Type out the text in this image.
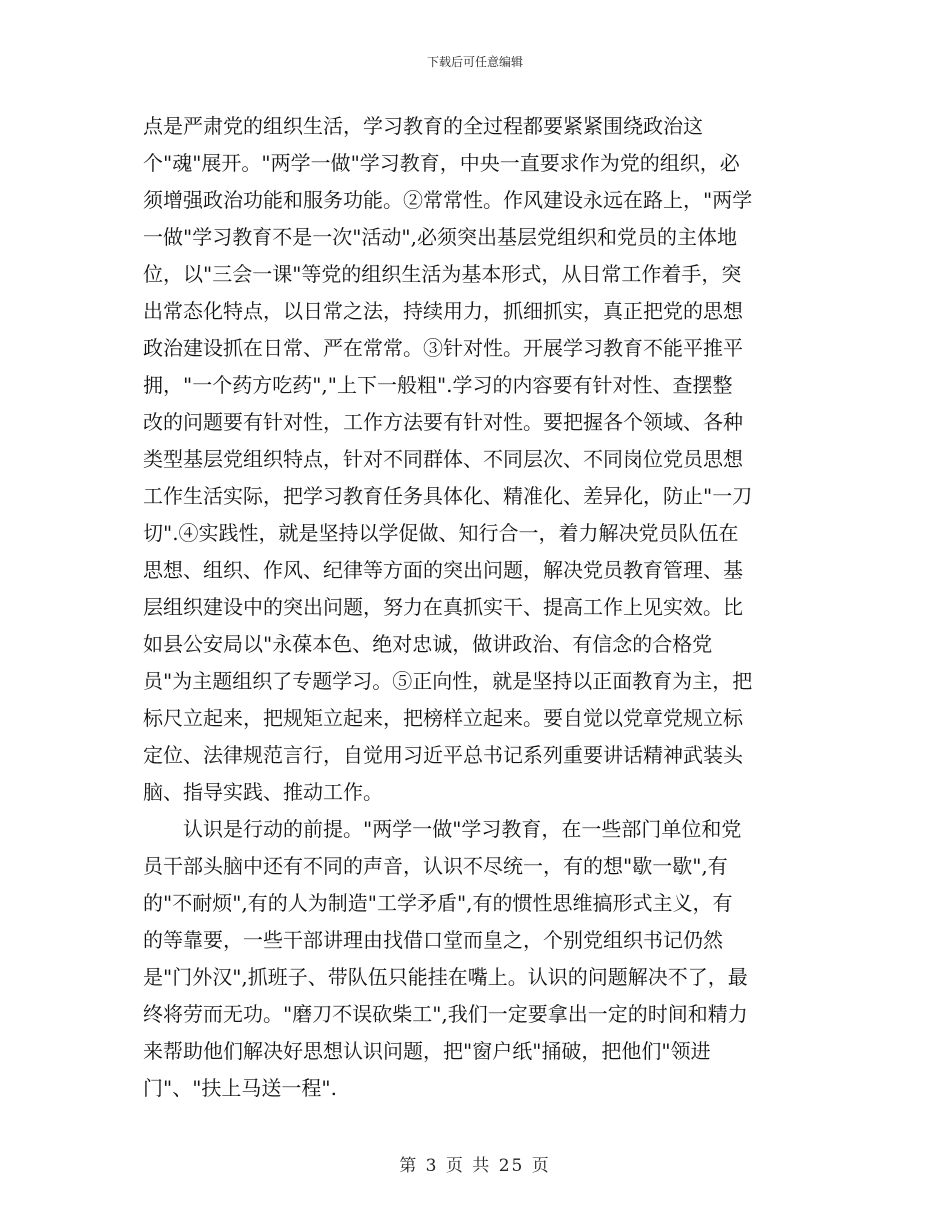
下载后可任意编辑
点是严肃党的组织生活，学习教育的全过程都要紧紧围绕政治这
个"魂"展开。"两学一做"学习教育，中央一直要求作为党的组织，必
须增强政治功能和服务功能。②常常性。作风建设永远在路上，"两学
一做"学习教育不是一次"活动",必须突出基层党组织和党员的主体地
位，以"三会一课"等党的组织生活为基本形式，从日常工作着手，突
出常态化特点，以日常之法，持续用力，抓细抓实，真正把党的思想
政治建设抓在日常、严在常常。③针对性。开展学习教育不能平推平
拥，"一个药方吃药","上下一般粗".学习的内容要有针对性、查摆整
改的问题要有针对性，工作方法要有针对性。要把握各个领域、各种
类型基层党组织特点，针对不同群体、不同层次、不同岗位党员思想
工作生活实际，把学习教育任务具体化、精准化、差异化，防止"一刀
切".④实践性，就是坚持以学促做、知行合一，着力解决党员队伍在
思想、组织、作风、纪律等方面的突出问题，解决党员教育管理、基
层组织建设中的突出问题，努力在真抓实干、提高工作上见实效。比
如县公安局以"永葆本色、绝对忠诚，做讲政治、有信念的合格党
员"为主题组织了专题学习。⑤正向性，就是坚持以正面教育为主，把
标尺立起来，把规矩立起来，把榜样立起来。要自觉以党章党规立标
定位、法律规范言行，自觉用习近平总书记系列重要讲话精神武装头
脑、指导实践、推动工作。
认识是行动的前提。"两学一做"学习教育，在一些部门单位和党
员干部头脑中还有不同的声音，认识不尽统一，有的想"歇一歇",有
的"不耐烦",有的人为制造"工学矛盾",有的惯性思维搞形式主义，有
的等靠要，一些干部讲理由找借口堂而皇之，个别党组织书记仍然
是"门外汉",抓班子、带队伍只能挂在嘴上。认识的问题解决不了，最
终将劳而无功。"磨刀不误砍柴工",我们一定要拿出一定的时间和精力
来帮助他们解决好思想认识问题，把"窗户纸"捅破，把他们"领进
门"、"扶上马送一程".
第 3 页 共 25 页
